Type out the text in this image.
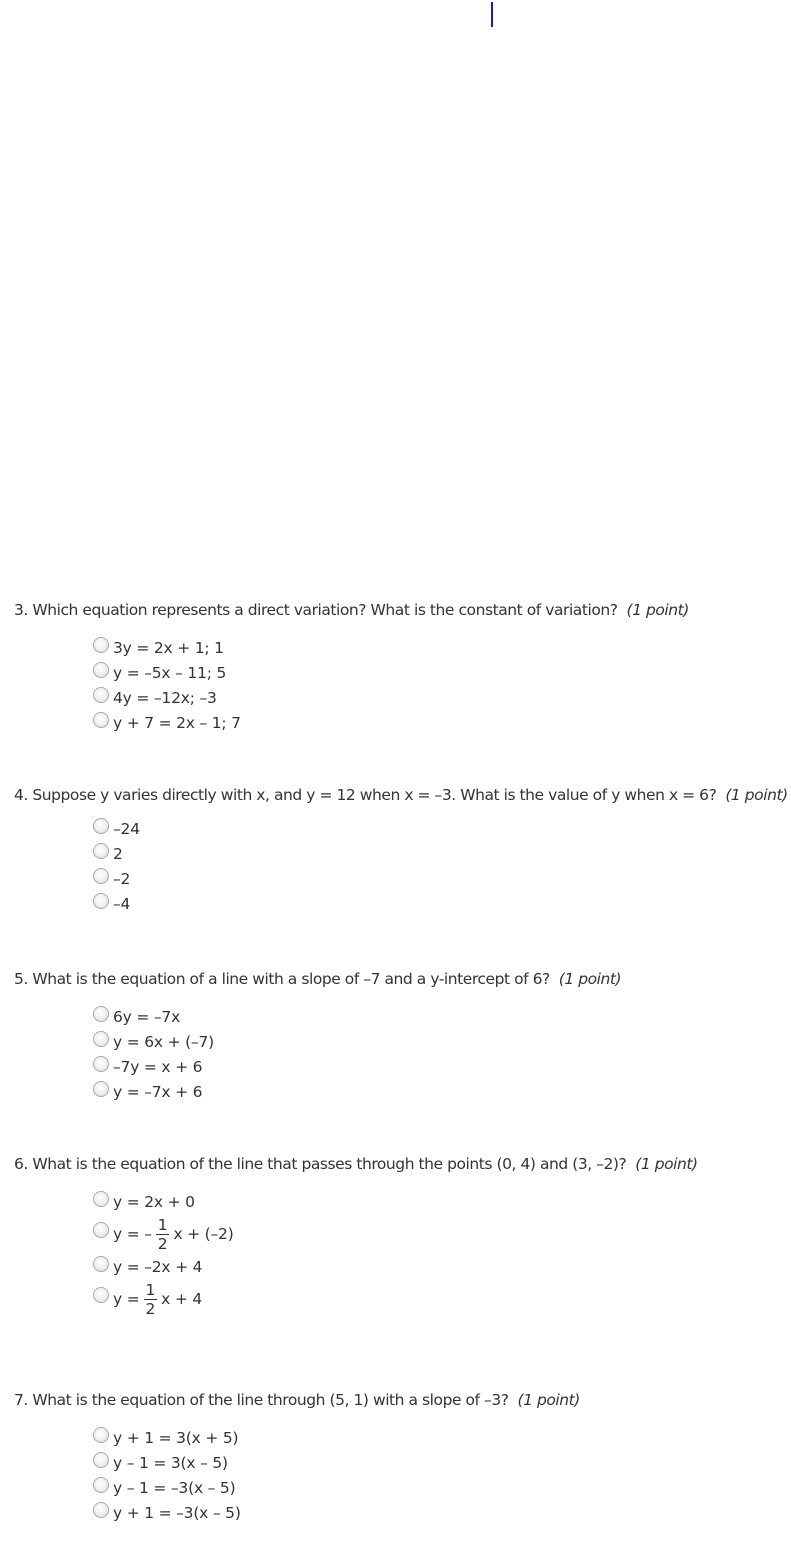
3. Which equation represents a direct variation? What is the constant of variation? (1 point)
3y = 2x + 1; 1
y = –5x – 11; 5
4y = –12x; –3
y + 7 = 2x – 1; 7
4. Suppose y varies directly with x, and y = 12 when x = –3. What is the value of y when x = 6? (1 point)
–24
2
–2
–4
5. What is the equation of a line with a slope of –7 and a y-intercept of 6? (1 point)
6y = –7x
y = 6x + (–7)
–7y = x + 6
y = –7x + 6
6. What is the equation of the line that passes through the points (0, 4) and (3, –2)? (1 point)
y = 2x + 0
y = – $\frac{1}{2}$ x + (–2)
y = –2x + 4
$y = \frac{1}{2}$ x + 4
7. What is the equation of the line through (5, 1) with a slope of –3? (1 point)
y + 1 = 3(x + 5)
y – 1 = 3(x – 5)
y – 1 = –3(x – 5)
y + 1 = –3(x – 5)
